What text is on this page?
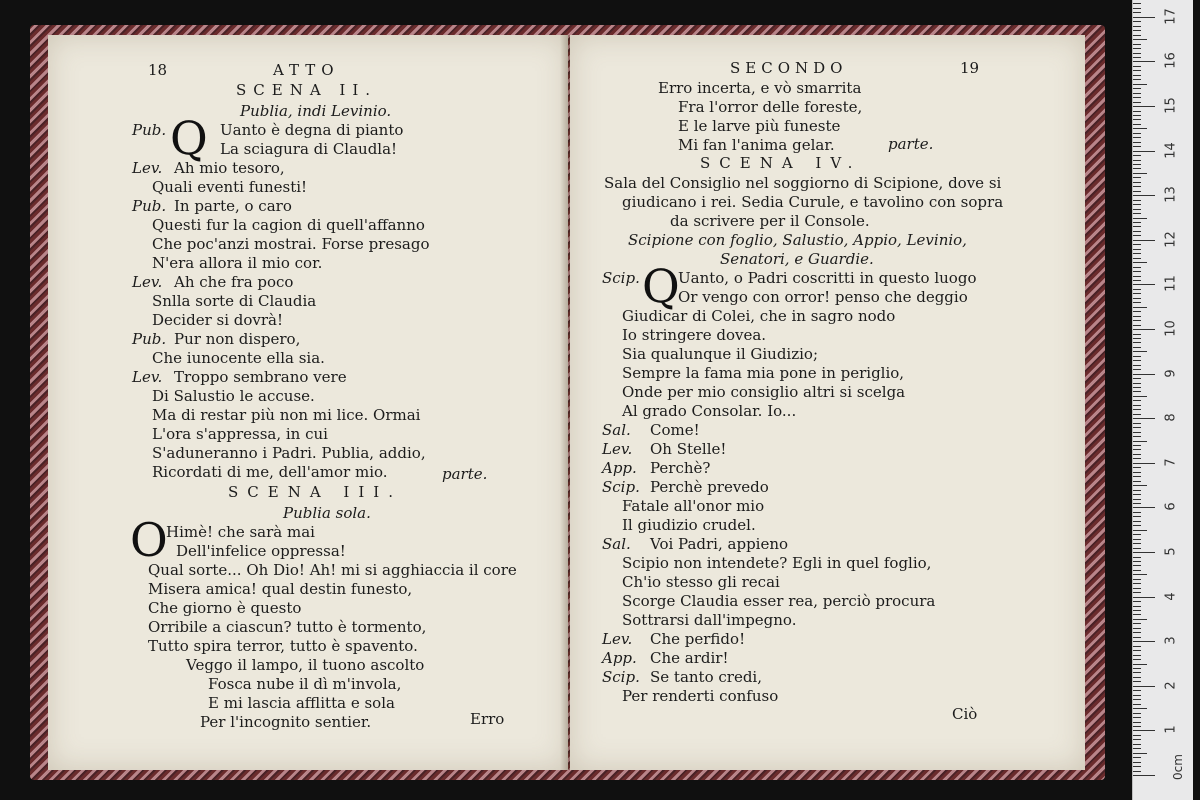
18	ATTO
SCENA II.
Publia, indi Levinio.
Q
Pub.	Uanto è degna di pianto
La sciagura di Claudla!
Lev. Ah mio tesoro,
Quali eventi funesti!
Pub. In parte, o caro
Questi fur la cagion di quell'affanno
Che poc'anzi mostrai. Forse presago
N'era allora il mio cor.
Lev. Ah che fra poco
Snlla sorte di Claudia
Decider si dovrà!
Pub. Pur non dispero,
Che iunocente ella sia.
Lev. Troppo sembrano vere
Di Salustio le accuse.
Ma di restar più non mi lice. Ormai
L'ora s'appressa, in cui
S'aduneranno i Padri. Publia, addio,
Ricordati di me, dell'amor mio.	parte.
SCENA III.
Publia sola.
O
Himè! che sarà mai
Dell'infelice oppressa!
Qual sorte... Oh Dio! Ah! mi si agghiaccia il core
Misera amica! qual destin funesto,
Che giorno è questo
Orribile a ciascun? tutto è tormento,
Tutto spira terror, tutto è spavento.
Veggo il lampo, il tuono ascolto
Fosca nube il dì m'invola,
E mi lascia afflitta e sola
Per l'incognito sentier.	Erro
SECONDO	19
Erro incerta, e vò smarrita
Fra l'orror delle foreste,
E le larve più funeste
Mi fan l'anima gelar.	parte.
SCENA IV.
Sala del Consiglio nel soggiorno di Scipione, dove si
giudicano i rei. Sedia Curule, e tavolino con sopra
da scrivere per il Console.
Scipione con foglio, Salustio, Appio, Levinio,
Senatori, e Guardie.
Q
Scip.	Uanto, o Padri coscritti in questo luogo
Or vengo con orror! penso che deggio
Giudicar di Colei, che in sagro nodo
Io stringere dovea.
Sia qualunque il Giudizio;
Sempre la fama mia pone in periglio,
Onde per mio consiglio altri si scelga
Al grado Consolar. Io...
Sal. Come!
Lev. Oh Stelle!
App. Perchè?
Scip. Perchè prevedo
Fatale all'onor mio
Il giudizio crudel.
Sal. Voi Padri, appieno
Scipio non intendete? Egli in quel foglio,
Ch'io stesso gli recai
Scorge Claudia esser rea, perciò procura
Sottrarsi dall'impegno.
Lev. Che perfido!
App. Che ardir!
Scip. Se tanto credi,
Per renderti confuso
Ciò
1
2
3
4
5
6
7
8
9
10
11
12
13
14
15
16
17
0cm
